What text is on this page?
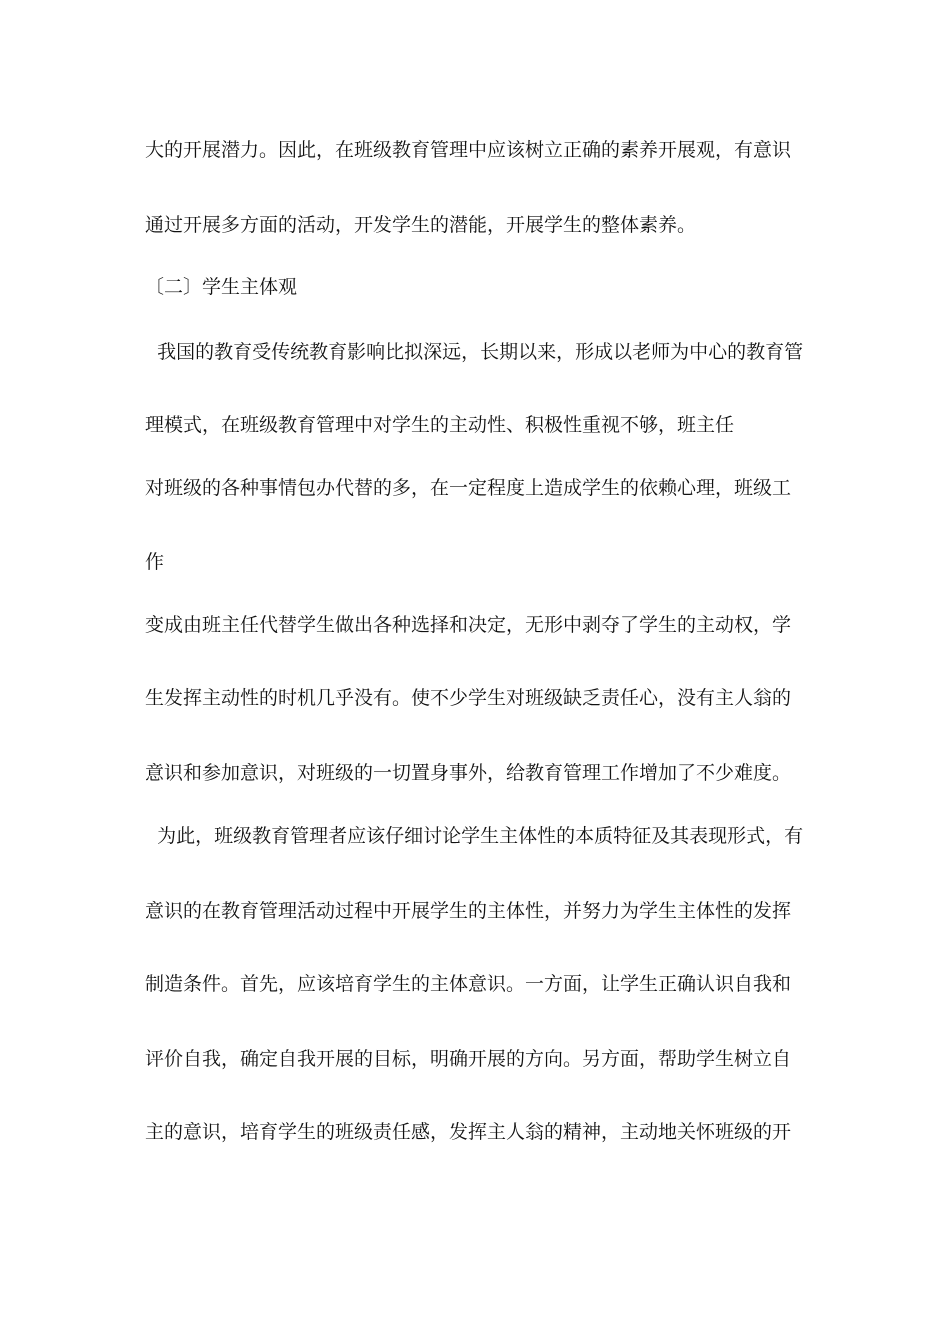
大的开展潜力。因此，在班级教育管理中应该树立正确的素养开展观，有意识
通过开展多方面的活动，开发学生的潜能，开展学生的整体素养。
〔二〕学生主体观
我国的教育受传统教育影响比拟深远，长期以来，形成以老师为中心的教育管
理模式，在班级教育管理中对学生的主动性、积极性重视不够，班主任
对班级的各种事情包办代替的多，在一定程度上造成学生的依赖心理，班级工
作
变成由班主任代替学生做出各种选择和决定，无形中剥夺了学生的主动权，学
生发挥主动性的时机几乎没有。使不少学生对班级缺乏责任心，没有主人翁的
意识和参加意识，对班级的一切置身事外，给教育管理工作增加了不少难度。
为此，班级教育管理者应该仔细讨论学生主体性的本质特征及其表现形式，有
意识的在教育管理活动过程中开展学生的主体性，并努力为学生主体性的发挥
制造条件。首先，应该培育学生的主体意识。一方面，让学生正确认识自我和
评价自我，确定自我开展的目标，明确开展的方向。另方面，帮助学生树立自
主的意识，培育学生的班级责任感，发挥主人翁的精神，主动地关怀班级的开
